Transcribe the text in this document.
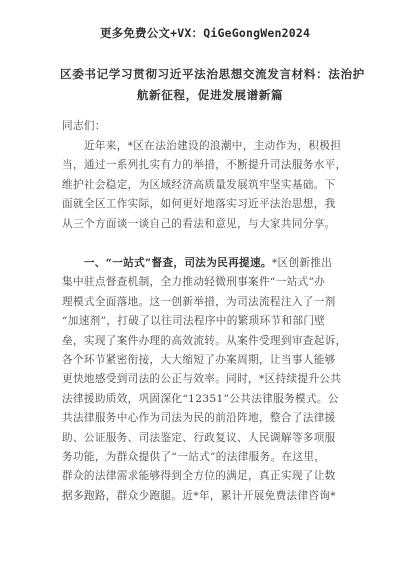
更多免费公文+VX：QiGeGongWen2024
区委书记学习贯彻习近平法治思想交流发言材料：法治护
航新征程，促进发展谱新篇
同志们：
　　近年来，*区在法治建设的浪潮中，主动作为，积极担
当，通过一系列扎实有力的举措，不断提升司法服务水平，
维护社会稳定，为区域经济高质量发展筑牢坚实基础。下
面就全区工作实际，如何更好地落实习近平法治思想，我
从三个方面谈一谈自己的看法和意见，与大家共同分享。
　　一、“一站式”督查，司法为民再提速。*区创新推出
集中驻点督查机制，全力推动轻微刑事案件“一站式”办
理模式全面落地。这一创新举措，为司法流程注入了一剂
“加速剂”，打破了以往司法程序中的繁琐环节和部门壁
垒，实现了案件办理的高效流转。从案件受理到审查起诉，
各个环节紧密衔接，大大缩短了办案周期，让当事人能够
更快地感受到司法的公正与效率。同时，*区持续提升公共
法律援助质效，巩固深化“12351”公共法律服务模式。公
共法律服务中心作为司法为民的前沿阵地，整合了法律援
助、公证服务、司法鉴定、行政复议、人民调解等多项服
务功能，为群众提供了“一站式”的法律服务。在这里，
群众的法律需求能够得到全方位的满足，真正实现了让数
据多跑路，群众少跑腿。近*年，累计开展免费法律咨询*
